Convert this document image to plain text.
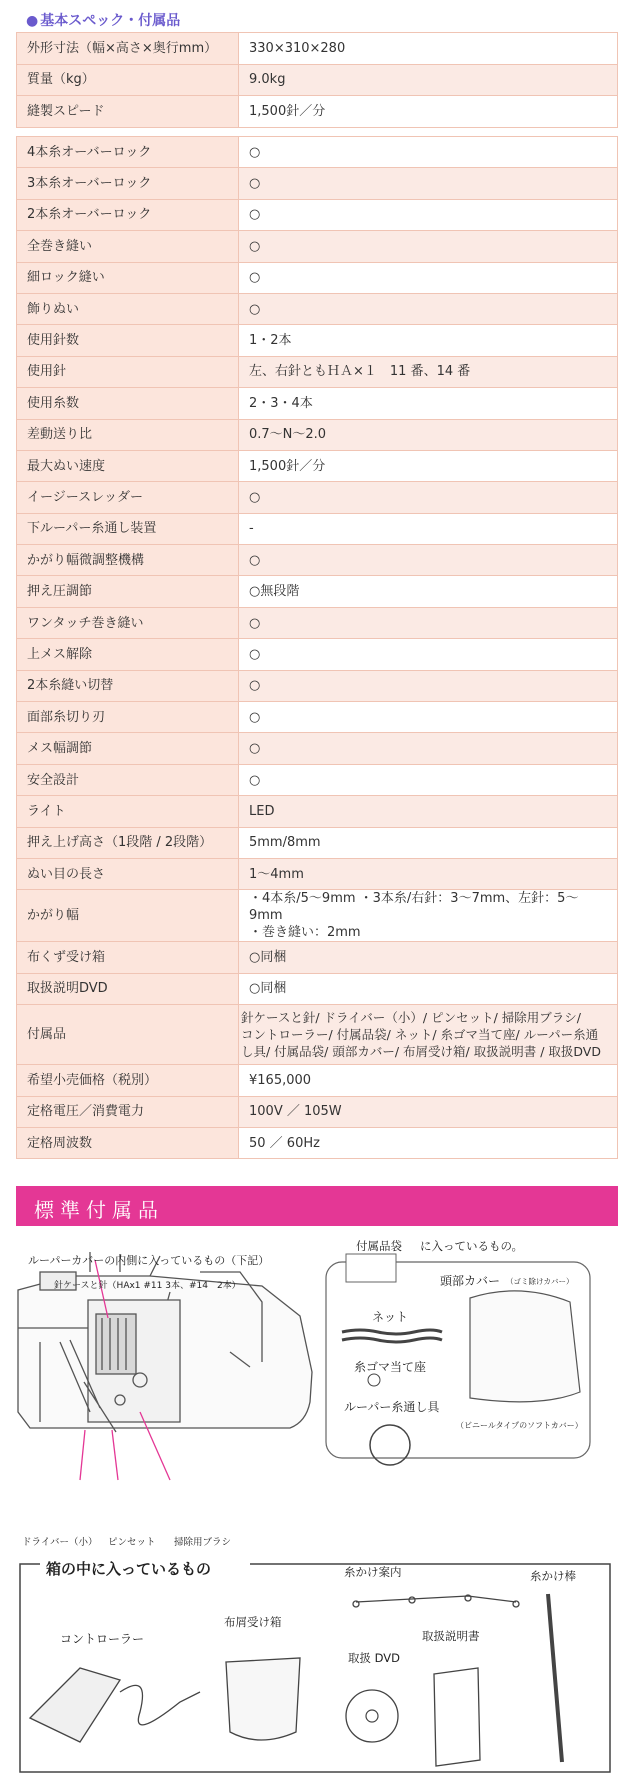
● 基本スペック・付属品
外形寸法（幅×高さ×奥行mm）	330×310×280
質量（kg）	9.0kg
縫製スピード	1,500針／分
4本糸オーバーロック	○
3本糸オーバーロック	○
2本糸オーバーロック	○
全巻き縫い	○
細ロック縫い	○
飾りぬい	○
使用針数	1・2本
使用針	左、右針ともＨＡ×１　11 番、14 番
使用糸数	2・3・4本
差動送り比	0.7～N～2.0
最大ぬい速度	1,500針／分
イージースレッダー	○
下ルーパー糸通し装置	-
かがり幅微調整機構	○
押え圧調節	○無段階
ワンタッチ巻き縫い	○
上メス解除	○
2本糸縫い切替	○
面部糸切り刃	○
メス幅調節	○
安全設計	○
ライト	LED
押え上げ高さ（1段階 / 2段階）	5mm/8mm
ぬい目の長さ	1～4mm
かがり幅	・4本糸/5～9mm ・3本糸/右針：3～7mm、左針：5～9mm
・巻き縫い：2mm

布くず受け箱	○同梱
取扱説明DVD	○同梱
付属品	針ケースと針/ ドライバー（小）/ ピンセット/ 掃除用ブラシ/
コントローラー/ 付属品袋/ ネット/ 糸ゴマ当て座/ ルーパー糸通
し具/ 付属品袋/ 頭部カバー/ 布屑受け箱/ 取扱説明書 / 取扱DVD

希望小売価格（税別）	¥165,000
定格電圧／消費電力	100V ／ 105W
定格周波数	50 ／ 60Hz
標準付属品
ルーパーカバーの内側に入っているもの（下記）
針ケースと針（HAx1 #11 3本、#14　2本）
ドライバー（小） ピンセット 掃除用ブラシ
付属品袋 に入っているもの。
ネット
糸ゴマ当て座
ルーパー糸通し具
頭部カバー （ゴミ除けカバー）
（ビニールタイプのソフトカバー）
箱の中に入っているもの	糸かけ案内	糸かけ棒
コントローラー
布屑受け箱
取扱説明書
取扱 DVD
